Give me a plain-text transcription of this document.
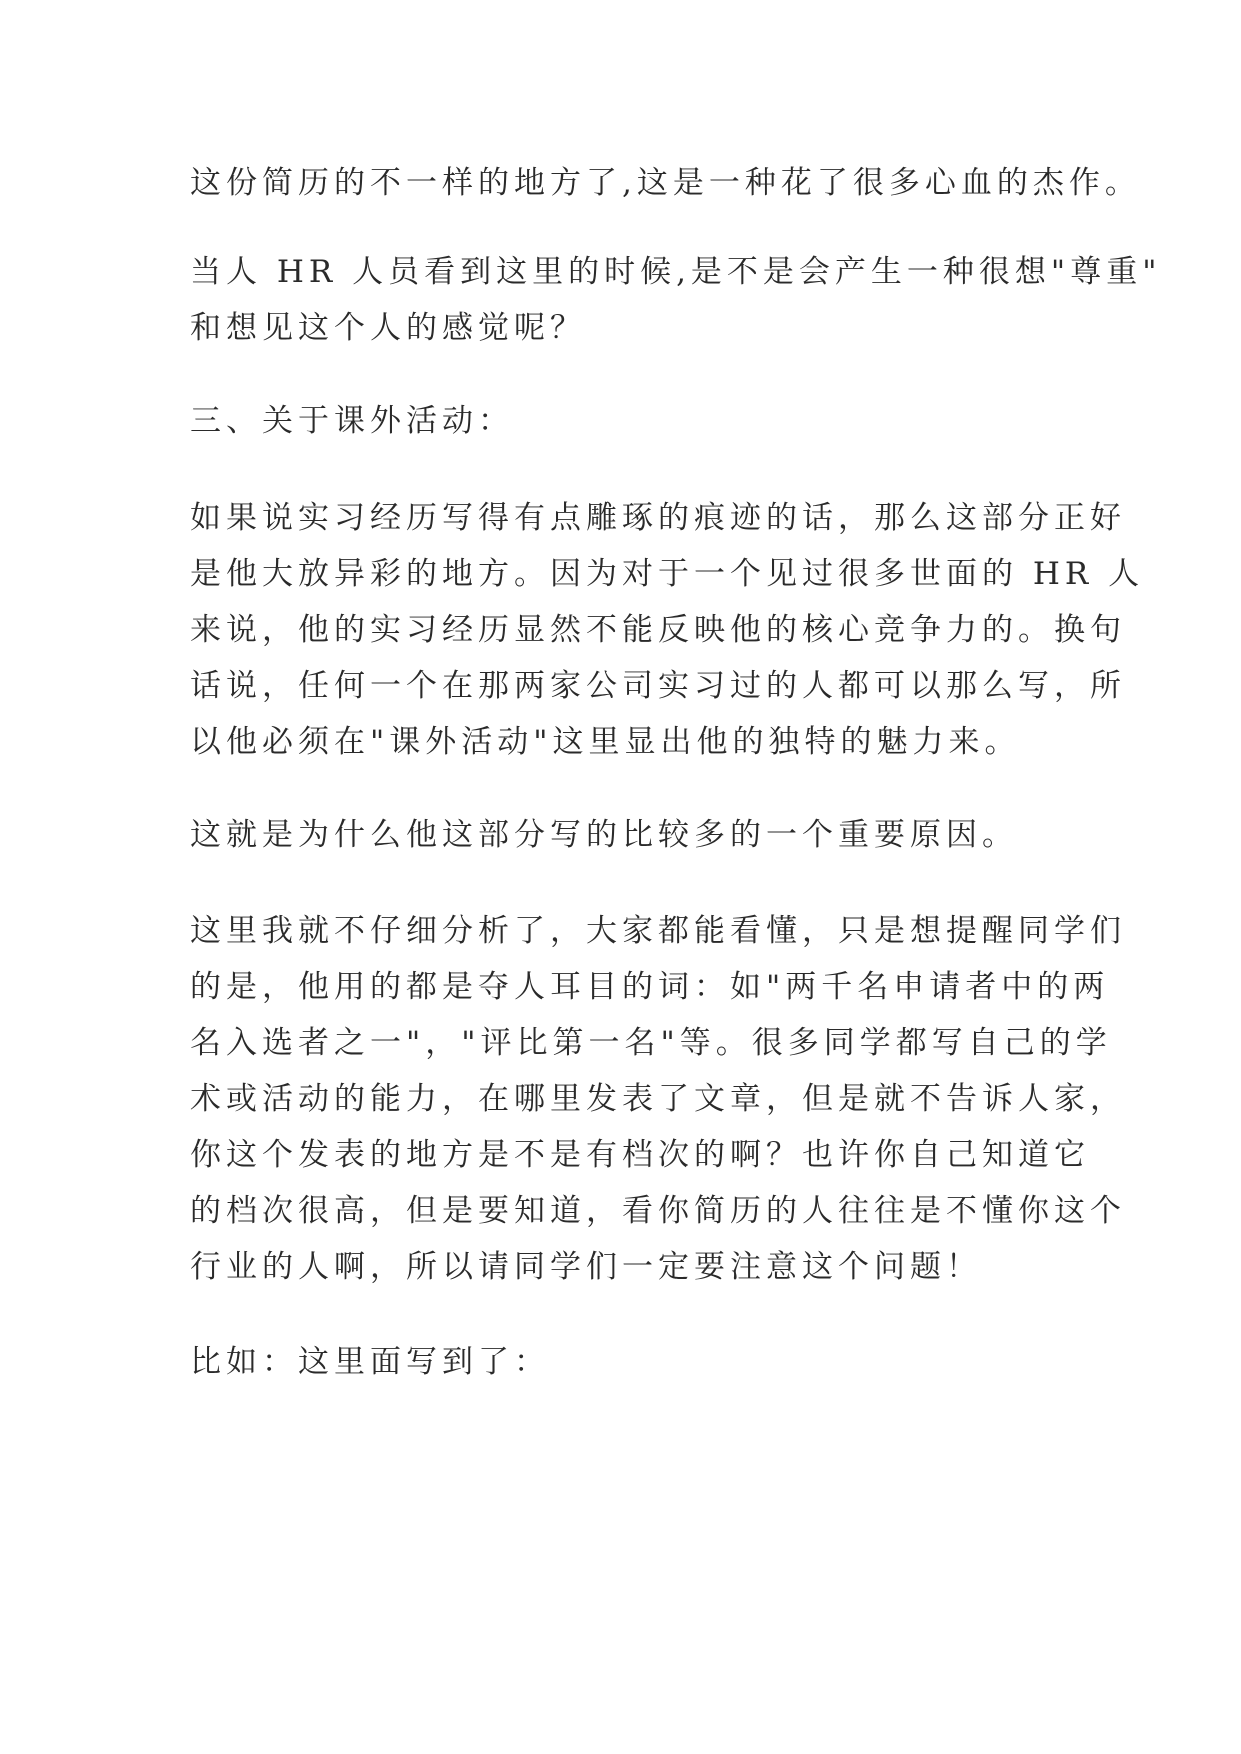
这份简历的不一样的地方了,这是一种花了很多心血的杰作。

当人 HR 人员看到这里的时候,是不是会产生一种很想"尊重"

和想见这个人的感觉呢？

三、关于课外活动：

如果说实习经历写得有点雕琢的痕迹的话，那么这部分正好

是他大放异彩的地方。因为对于一个见过很多世面的 HR 人

来说，他的实习经历显然不能反映他的核心竞争力的。换句

话说，任何一个在那两家公司实习过的人都可以那么写，所

以他必须在"课外活动"这里显出他的独特的魅力来。

这就是为什么他这部分写的比较多的一个重要原因。

这里我就不仔细分析了，大家都能看懂，只是想提醒同学们

的是，他用的都是夺人耳目的词：如"两千名申请者中的两

名入选者之一"，"评比第一名"等。很多同学都写自己的学

术或活动的能力，在哪里发表了文章，但是就不告诉人家，

你这个发表的地方是不是有档次的啊？也许你自己知道它

的档次很高，但是要知道，看你简历的人往往是不懂你这个

行业的人啊，所以请同学们一定要注意这个问题！

比如：这里面写到了：
